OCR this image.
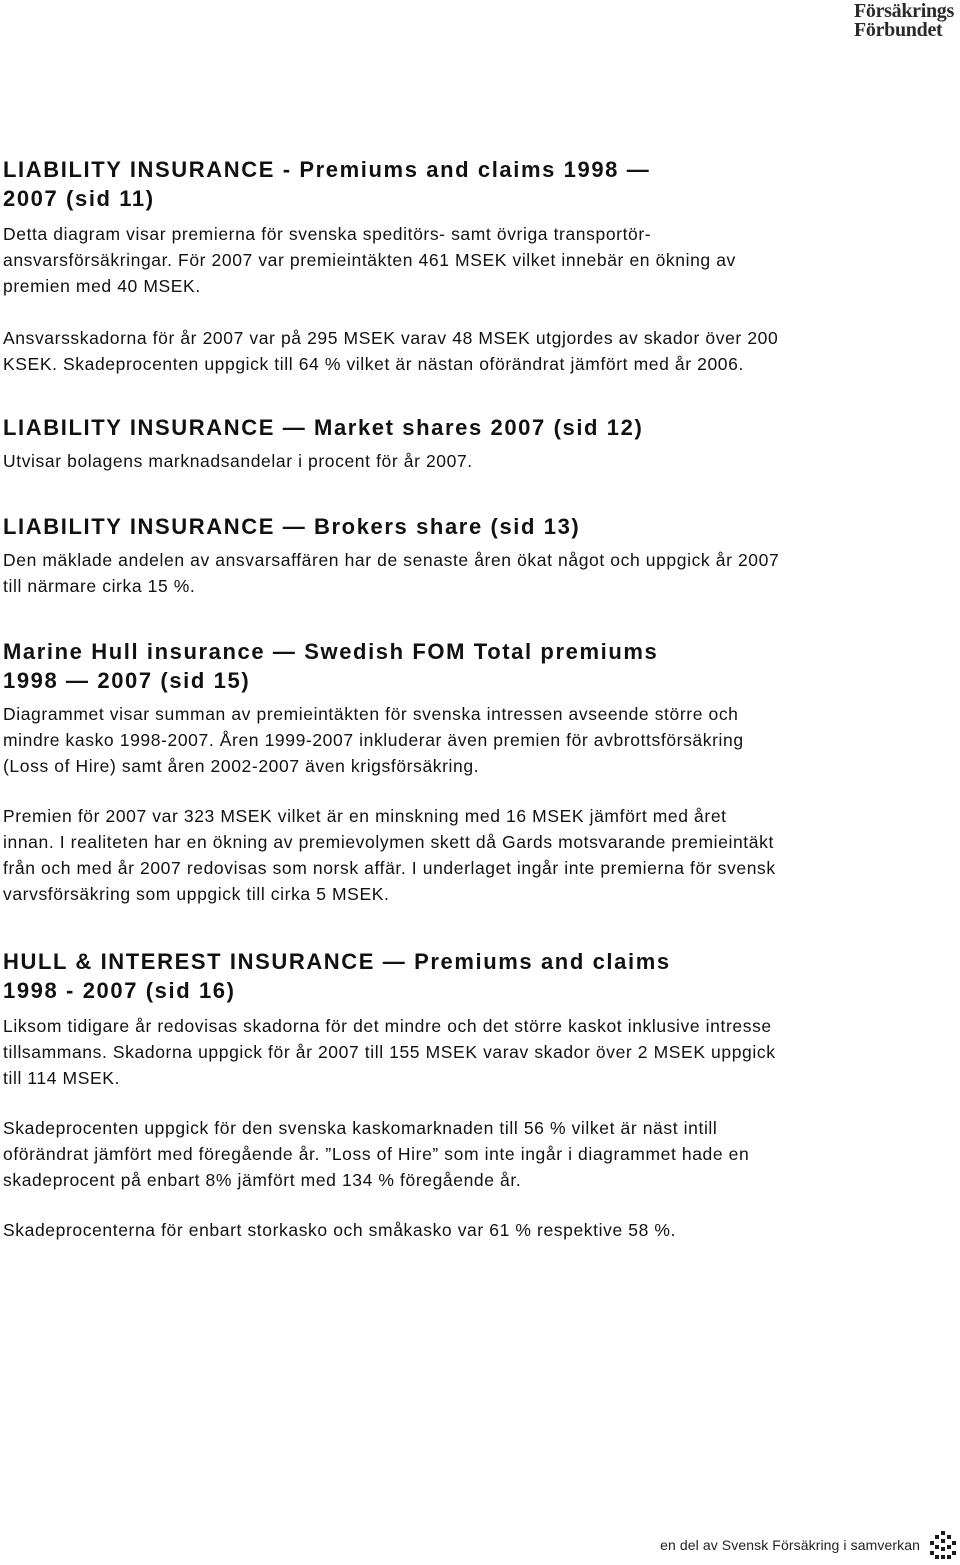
Försäkrings
Förbundet
LIABILITY INSURANCE - Premiums and claims 1998 —
2007 (sid 11)

Detta diagram visar premierna för svenska speditörs- samt övriga transportör-ansvarsförsäkringar. För 2007 var premieintäkten 461 MSEK vilket innebär en ökning av premien med 40 MSEK.

Ansvarsskadorna för år 2007 var på 295 MSEK varav 48 MSEK utgjordes av skador över 200 KSEK. Skadeprocenten uppgick till 64 % vilket är nästan oförändrat jämfört med år 2006.

LIABILITY INSURANCE — Market shares 2007 (sid 12)

Utvisar bolagens marknadsandelar i procent för år 2007.

LIABILITY INSURANCE — Brokers share (sid 13)

Den mäklade andelen av ansvarsaffären har de senaste åren ökat något och uppgick år 2007 till närmare cirka 15 %.

Marine Hull insurance — Swedish FOM Total premiums
1998 — 2007 (sid 15)

Diagrammet visar summan av premieintäkten för svenska intressen avseende större och mindre kasko 1998-2007. Åren 1999-2007 inkluderar även premien för avbrottsförsäkring (Loss of Hire) samt åren 2002-2007 även krigsförsäkring.

Premien för 2007 var 323 MSEK vilket är en minskning med 16 MSEK jämfört med året innan. I realiteten har en ökning av premievolymen skett då Gards motsvarande premieintäkt från och med år 2007 redovisas som norsk affär. I underlaget ingår inte premierna för svensk varvsförsäkring som uppgick till cirka 5 MSEK.

HULL & INTEREST INSURANCE — Premiums and claims
1998 - 2007 (sid 16)

Liksom tidigare år redovisas skadorna för det mindre och det större kaskot inklusive intresse tillsammans. Skadorna uppgick för år 2007 till 155 MSEK varav skador över 2 MSEK uppgick till 114 MSEK.

Skadeprocenten uppgick för den svenska kaskomarknaden till 56 % vilket är näst intill oförändrat jämfört med föregående år. ”Loss of Hire” som inte ingår i diagrammet hade en skadeprocent på enbart 8% jämfört med 134 % föregående år.

Skadeprocenterna för enbart storkasko och småkasko var 61 % respektive 58 %.

en del av Svensk Försäkring i samverkan
